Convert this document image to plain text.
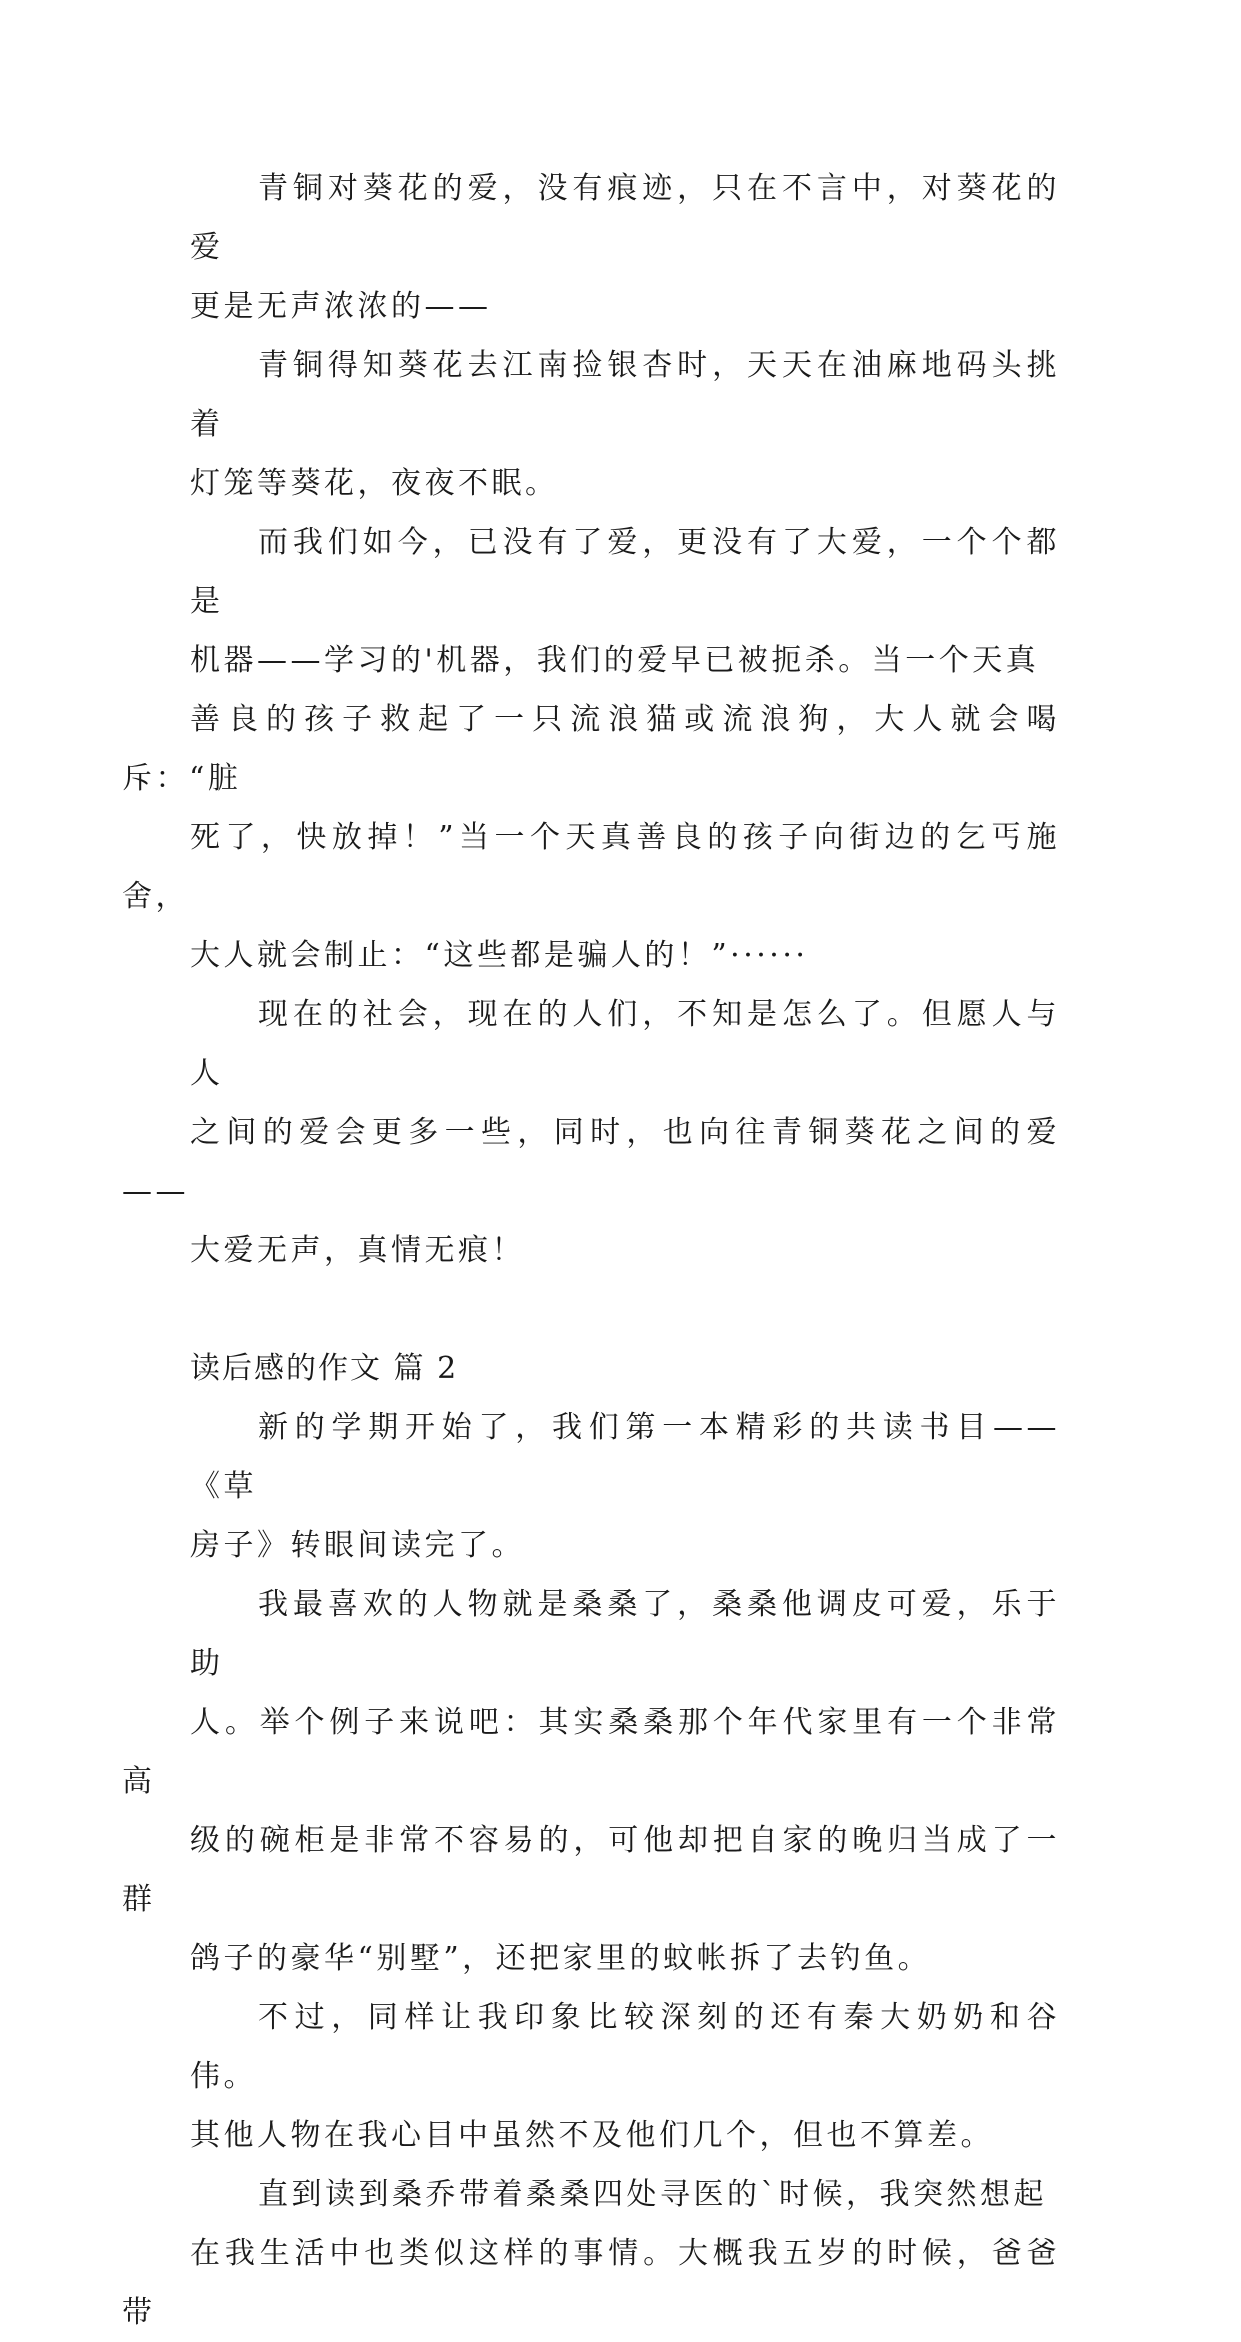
青铜对葵花的爱，没有痕迹，只在不言中，对葵花的爱
更是无声浓浓的——
青铜得知葵花去江南捡银杏时，天天在油麻地码头挑着
灯笼等葵花，夜夜不眠。
而我们如今，已没有了爱，更没有了大爱，一个个都是
机器——学习的'机器，我们的爱早已被扼杀。当一个天真
善良的孩子救起了一只流浪猫或流浪狗，大人就会喝斥：“脏
死了，快放掉！”当一个天真善良的孩子向街边的乞丐施舍，
大人就会制止：“这些都是骗人的！”······
现在的社会，现在的人们，不知是怎么了。但愿人与人
之间的爱会更多一些，同时，也向往青铜葵花之间的爱 ——
大爱无声，真情无痕！
读后感的作文 篇 2
新的学期开始了，我们第一本精彩的共读书目——《草
房子》转眼间读完了。
我最喜欢的人物就是桑桑了，桑桑他调皮可爱，乐于助
人。举个例子来说吧：其实桑桑那个年代家里有一个非常高
级的碗柜是非常不容易的，可他却把自家的晚归当成了一群
鸽子的豪华“别墅”，还把家里的蚊帐拆了去钓鱼。
不过，同样让我印象比较深刻的还有秦大奶奶和谷伟。
其他人物在我心目中虽然不及他们几个，但也不算差。
直到读到桑乔带着桑桑四处寻医的`时候，我突然想起
在我生活中也类似这样的事情。大概我五岁的时候，爸爸带
